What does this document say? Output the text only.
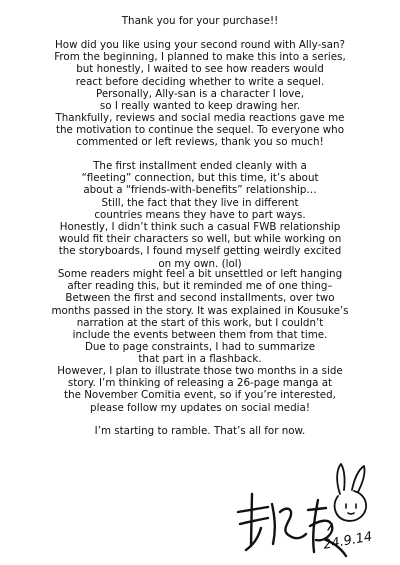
Thank you for your purchase!!

How did you like using your second round with Ally-san?
From the beginning, I planned to make this into a series,
but honestly, I waited to see how readers would
react before deciding whether to write a sequel.
Personally, Ally-san is a character I love,
so I really wanted to keep drawing her.

Thankfully, reviews and social media reactions gave me
the motivation to continue the sequel. To everyone who
commented or left reviews, thank you so much!

The first installment ended cleanly with a
“fleeting” connection, but this time, it’s about
about a “friends-with-benefits” relationship…
Still, the fact that they live in different
countries means they have to part ways.

Honestly, I didn’t think such a casual FWB relationship
would fit their characters so well, but while working on
the storyboards, I found myself getting weirdly excited
on my own. (lol)

Some readers might feel a bit unsettled or left hanging
after reading this, but it reminded me of one thing–
Between the first and second installments, over two
months passed in the story. It was explained in Kousuke’s
narration at the start of this work, but I couldn’t
include the events between them from that time.
Due to page constraints, I had to summarize
that part in a flashback.

However, I plan to illustrate those two months in a side
story. I’m thinking of releasing a 26-page manga at
the November Comitia event, so if you’re interested,
please follow my updates on social media!

I’m starting to ramble. That’s all for now.

24.9.14
